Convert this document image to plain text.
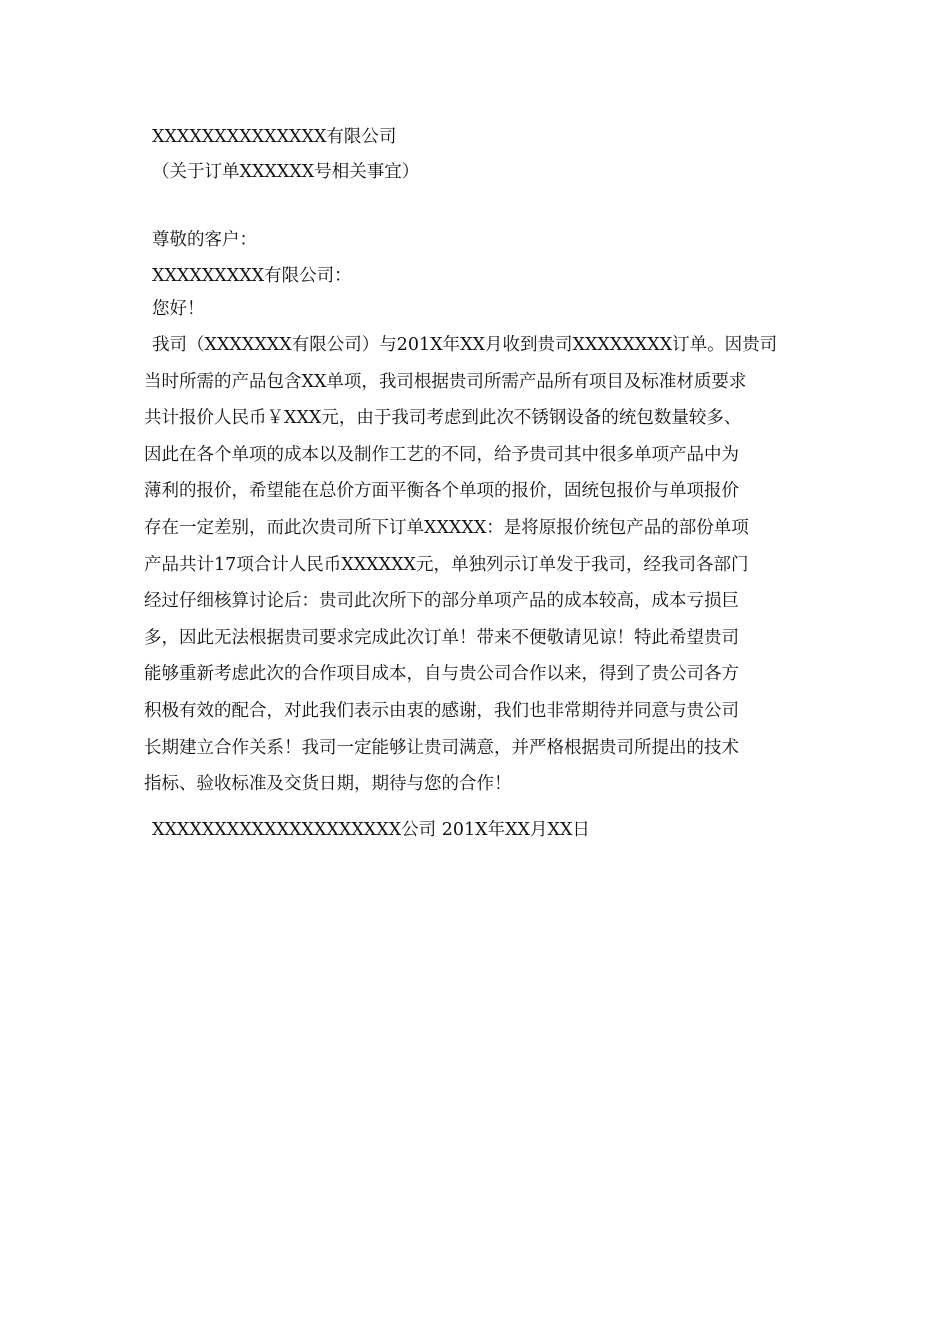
XXXXXXXXXXXXXX有限公司
（关于订单XXXXXX号相关事宜）
尊敬的客户：
XXXXXXXXX有限公司：
您好！
我司（XXXXXXX有限公司）与201X年XX月收到贵司XXXXXXXX订单。因贵司
当时所需的产品包含XX单项，我司根据贵司所需产品所有项目及标准材质要求
共计报价人民币￥XXX元，由于我司考虑到此次不锈钢设备的统包数量较多、
因此在各个单项的成本以及制作工艺的不同，给予贵司其中很多单项产品中为
薄利的报价，希望能在总价方面平衡各个单项的报价，固统包报价与单项报价
存在一定差别，而此次贵司所下订单XXXXX：是将原报价统包产品的部份单项
产品共计17项合计人民币XXXXXX元，单独列示订单发于我司，经我司各部门
经过仔细核算讨论后：贵司此次所下的部分单项产品的成本较高，成本亏损巨
多，因此无法根据贵司要求完成此次订单！带来不便敬请见谅！特此希望贵司
能够重新考虑此次的合作项目成本，自与贵公司合作以来，得到了贵公司各方
积极有效的配合，对此我们表示由衷的感谢，我们也非常期待并同意与贵公司
长期建立合作关系！我司一定能够让贵司满意，并严格根据贵司所提出的技术
指标、验收标准及交货日期，期待与您的合作！
XXXXXXXXXXXXXXXXXXXX公司 201X年XX月XX日
